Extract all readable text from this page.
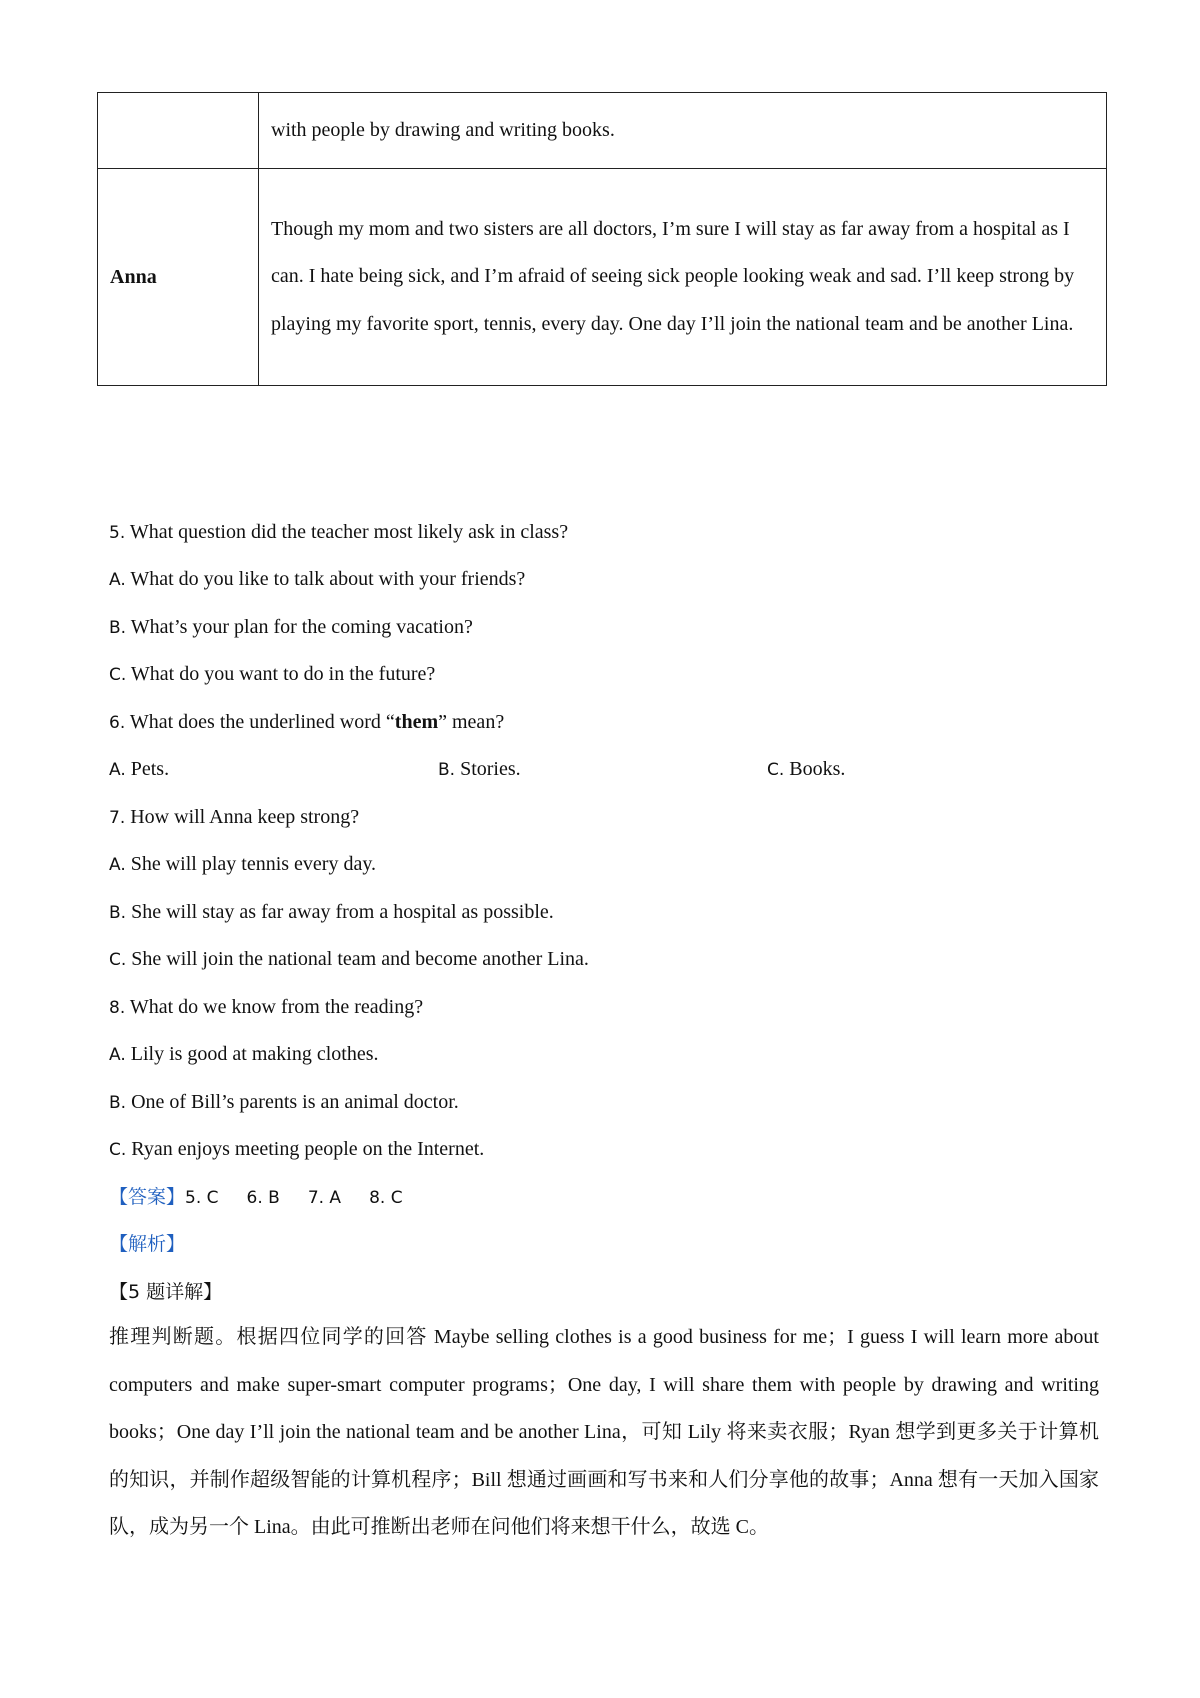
	with people by drawing and writing books.
Anna	Though my mom and two sisters are all doctors, I’m sure I will stay as far away from a hospital as I can. I hate being sick, and I’m afraid of seeing sick people looking weak and sad. I’ll keep strong by playing my favorite sport, tennis, every day. One day I’ll join the national team and be another Lina.
5. What question did the teacher most likely ask in class?
A. What do you like to talk about with your friends?
B. What’s your plan for the coming vacation?
C. What do you want to do in the future?
6. What does the underlined word “them” mean?
A. Pets.	B. Stories.	C. Books.
7. How will Anna keep strong?
A. She will play tennis every day.
B. She will stay as far away from a hospital as possible.
C. She will join the national team and become another Lina.
8. What do we know from the reading?
A. Lily is good at making clothes.
B. One of Bill’s parents is an animal doctor.
C. Ryan enjoys meeting people on the Internet.
【答案】5. C 6. B 7. A 8. C
【解析】
【5 题详解】
推理判断题。根据四位同学的回答 Maybe selling clothes is a good business for me；I guess I will learn more about computers and make super-smart computer programs；One day, I will share them with people by drawing and writing books；One day I’ll join the national team and be another Lina，可知 Lily 将来卖衣服；Ryan 想学到更多关于计算机的知识，并制作超级智能的计算机程序；Bill 想通过画画和写书来和人们分享他的故事；Anna 想有一天加入国家队，成为另一个 Lina。由此可推断出老师在问他们将来想干什么，故选 C。
